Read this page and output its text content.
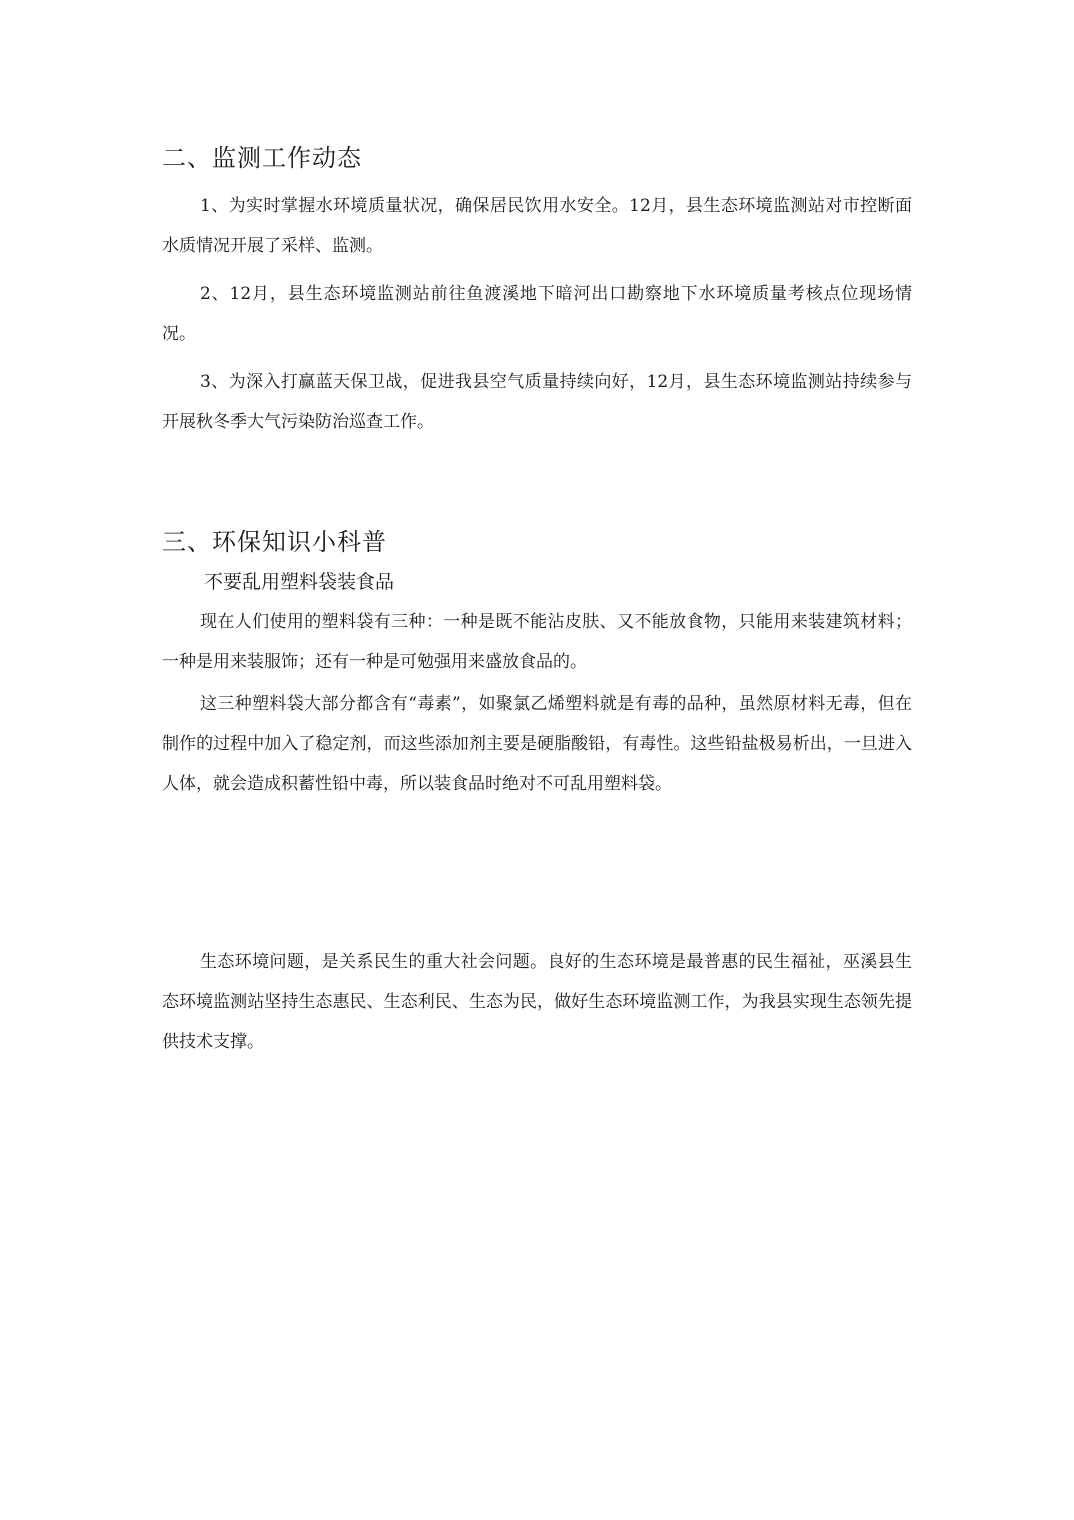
二、监测工作动态

1、为实时掌握水环境质量状况，确保居民饮用水安全。12月，县生态环境监测站对市控断面水质情况开展了采样、监测。

2、12月，县生态环境监测站前往鱼渡溪地下暗河出口勘察地下水环境质量考核点位现场情况。

3、为深入打赢蓝天保卫战，促进我县空气质量持续向好，12月，县生态环境监测站持续参与开展秋冬季大气污染防治巡查工作。

三、环保知识小科普
不要乱用塑料袋装食品

现在人们使用的塑料袋有三种：一种是既不能沾皮肤、又不能放食物，只能用来装建筑材料；一种是用来装服饰；还有一种是可勉强用来盛放食品的。

这三种塑料袋大部分都含有“毒素”，如聚氯乙烯塑料就是有毒的品种，虽然原材料无毒，但在制作的过程中加入了稳定剂，而这些添加剂主要是硬脂酸铅，有毒性。这些铅盐极易析出，一旦进入人体，就会造成积蓄性铅中毒，所以装食品时绝对不可乱用塑料袋。

生态环境问题，是关系民生的重大社会问题。良好的生态环境是最普惠的民生福祉，巫溪县生态环境监测站坚持生态惠民、生态利民、生态为民，做好生态环境监测工作，为我县实现生态领先提供技术支撑。
